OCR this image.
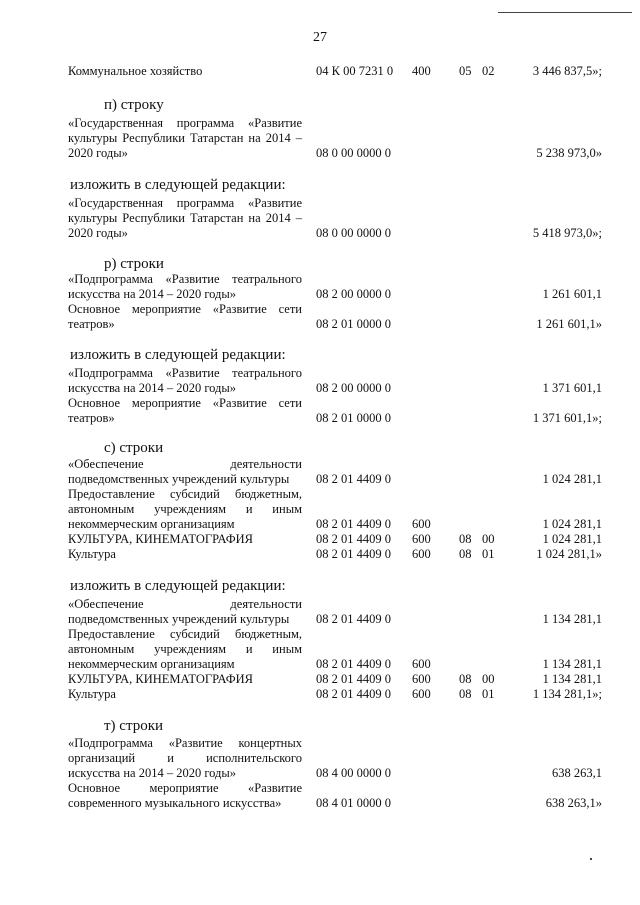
27
Коммунальное хозяйство	04 К 00 7231 0 400 05 02	3 446 837,5»;
п) строку
«Государственная программа «Развитие
культуры Республики Татарстан на 2014 –
2020 годы»	08 0 00 0000 0	5 238 973,0»
изложить в следующей редакции:
«Государственная программа «Развитие
культуры Республики Татарстан на 2014 –
2020 годы»	08 0 00 0000 0	5 418 973,0»;
р) строки
«Подпрограмма «Развитие театрального
искусства на 2014 – 2020 годы»	08 2 00 0000 0	1 261 601,1
Основное мероприятие «Развитие сети
театров»	08 2 01 0000 0	1 261 601,1»
изложить в следующей редакции:
«Подпрограмма «Развитие театрального
искусства на 2014 – 2020 годы»	08 2 00 0000 0	1 371 601,1
Основное мероприятие «Развитие сети
театров»	08 2 01 0000 0	1 371 601,1»;
с) строки
«Обеспечение деятельности
подведомственных учреждений культуры 08 2 01 4409 0	1 024 281,1
Предоставление субсидий бюджетным,
автономным учреждениям и иным
некоммерческим организациям	08 2 01 4409 0 600	1 024 281,1
КУЛЬТУРА, КИНЕМАТОГРАФИЯ	08 2 01 4409 0 600 08 00	1 024 281,1
Культура	08 2 01 4409 0 600 08 01	1 024 281,1»
изложить в следующей редакции:
«Обеспечение деятельности
подведомственных учреждений культуры 08 2 01 4409 0	1 134 281,1
Предоставление субсидий бюджетным,
автономным учреждениям и иным
некоммерческим организациям	08 2 01 4409 0 600	1 134 281,1
КУЛЬТУРА, КИНЕМАТОГРАФИЯ	08 2 01 4409 0 600 08 00	1 134 281,1
Культура	08 2 01 4409 0 600 08 01	1 134 281,1»;
т) строки
«Подпрограмма «Развитие концертных
организаций и исполнительского
искусства на 2014 – 2020 годы»	08 4 00 0000 0	638 263,1
Основное мероприятие «Развитие
современного музыкального искусства»	08 4 01 0000 0	638 263,1»
